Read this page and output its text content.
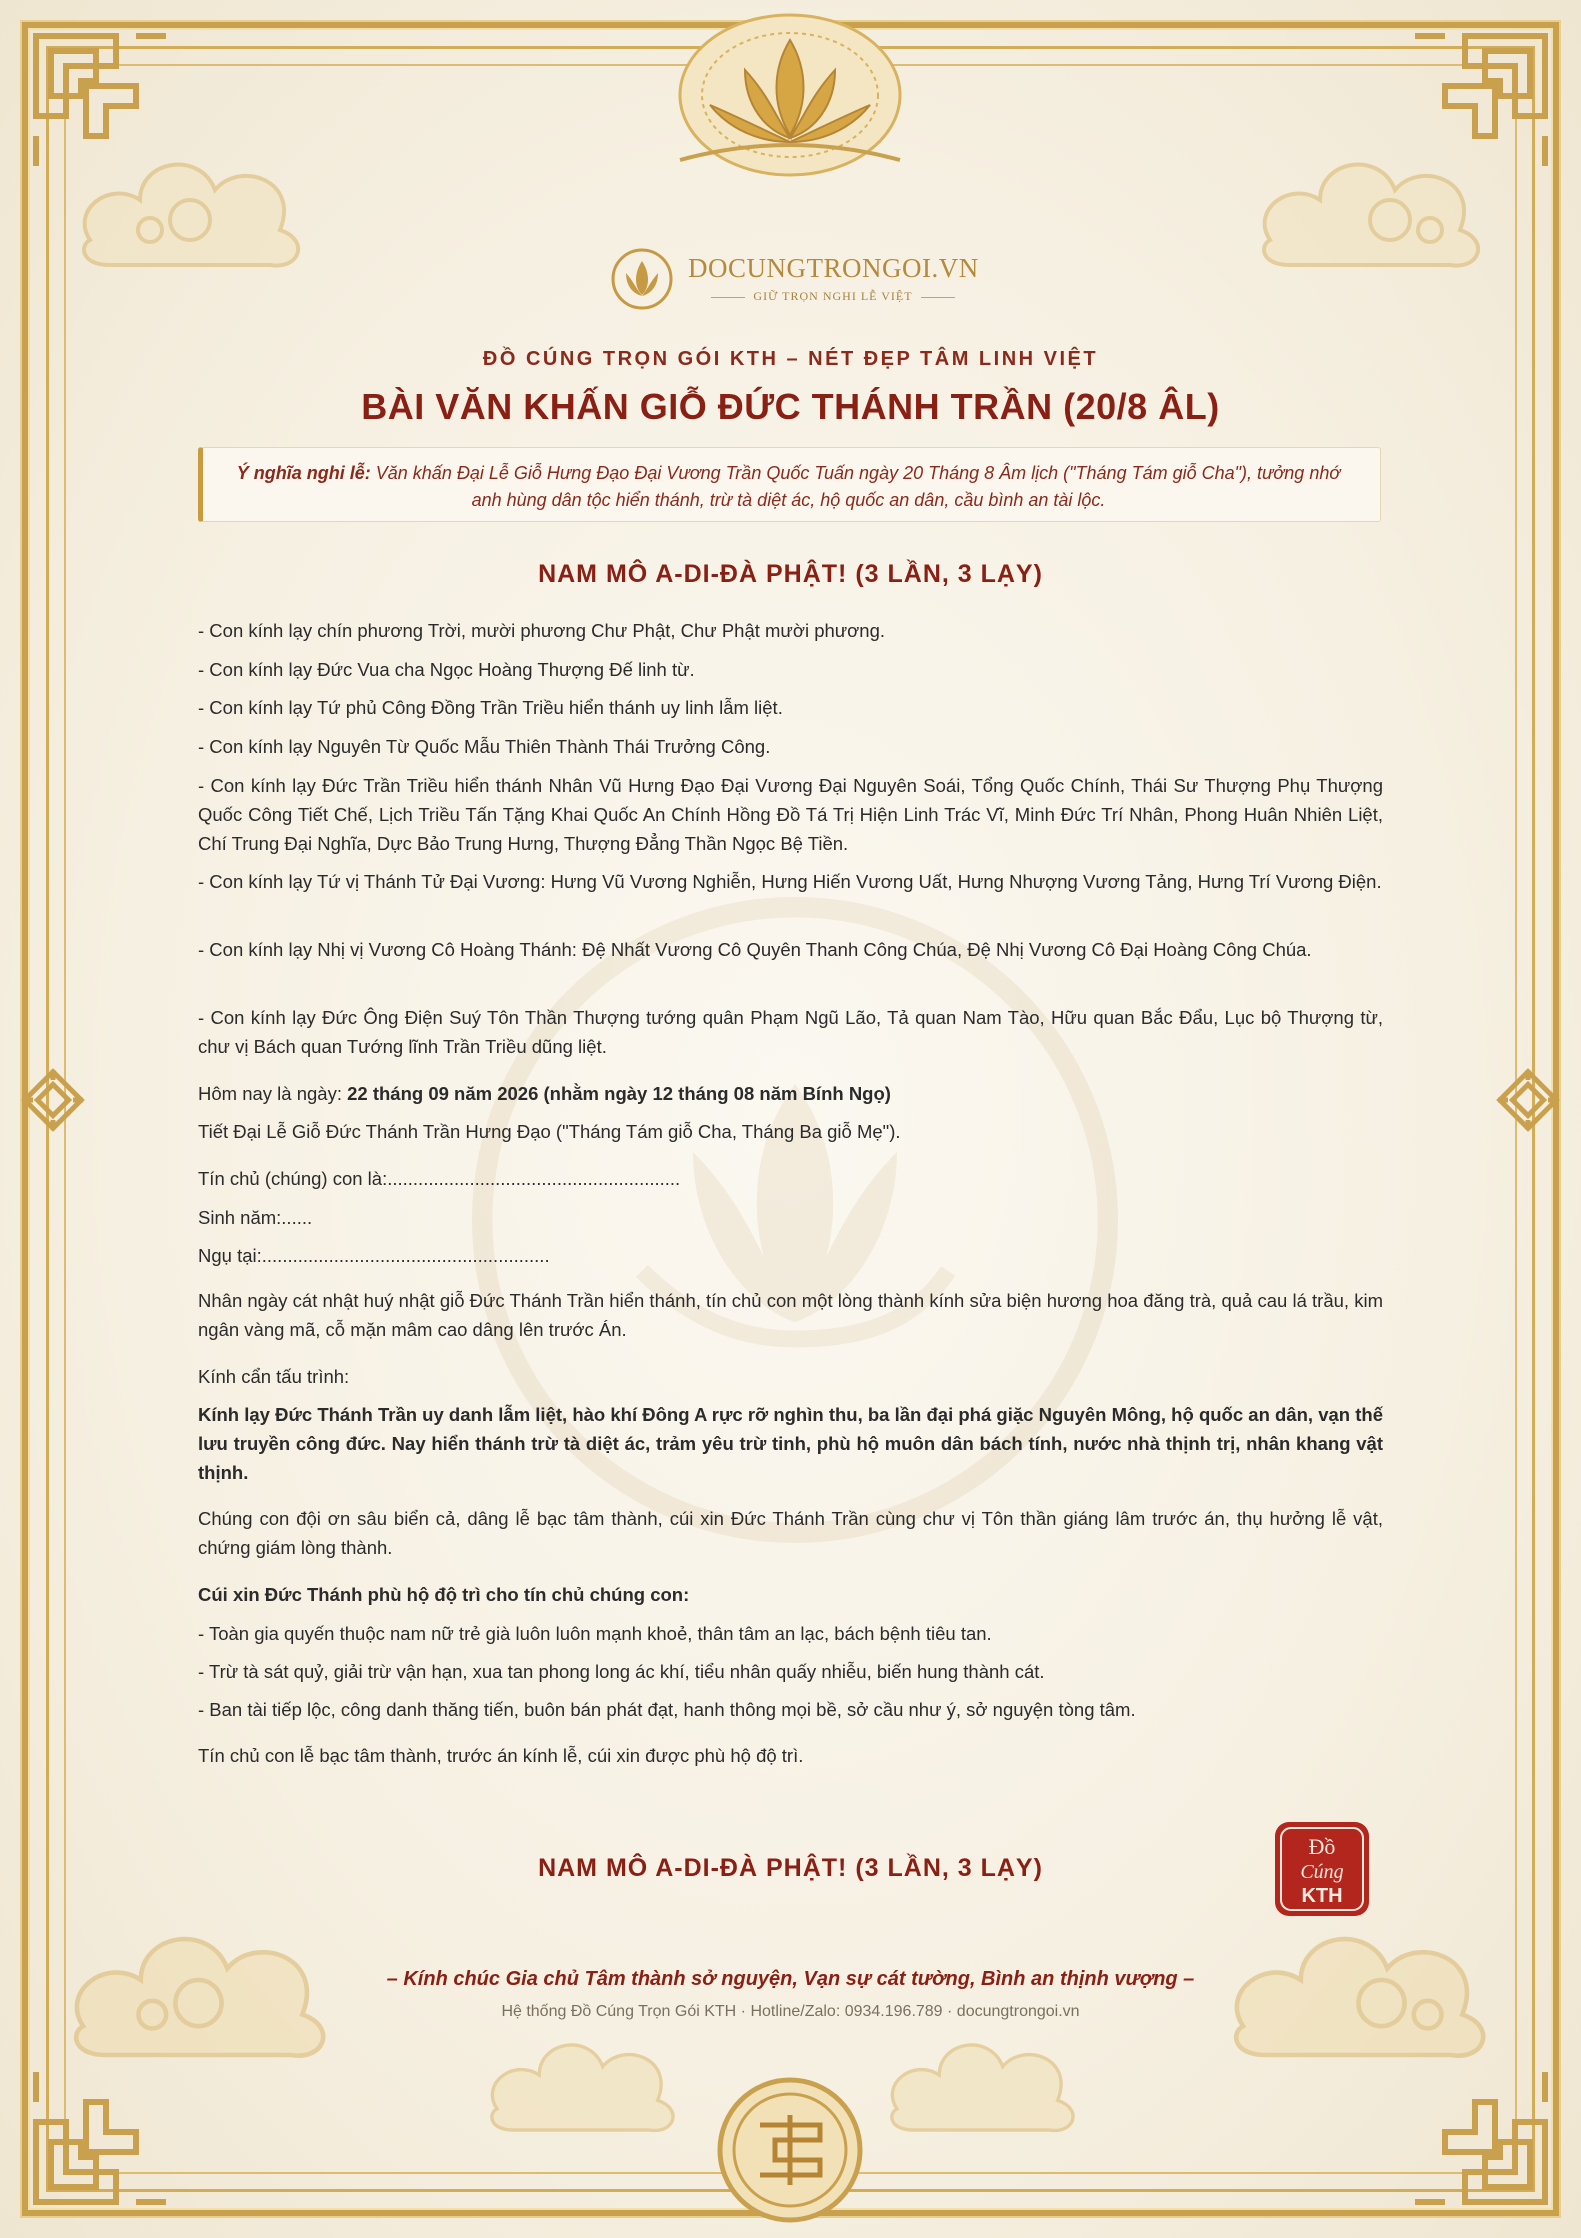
DOCUNGTRONGOI.VN
GIỮ TRỌN NGHI LỄ VIỆT
ĐỒ CÚNG TRỌN GÓI KTH – NÉT ĐẸP TÂM LINH VIỆT
BÀI VĂN KHẤN GIỖ ĐỨC THÁNH TRẦN (20/8 ÂL)
Ý nghĩa nghi lễ: Văn khấn Đại Lễ Giỗ Hưng Đạo Đại Vương Trần Quốc Tuấn ngày 20 Tháng 8 Âm lịch ("Tháng Tám giỗ Cha"), tưởng nhớ anh hùng dân tộc hiển thánh, trừ tà diệt ác, hộ quốc an dân, cầu bình an tài lộc.
NAM MÔ A-DI-ĐÀ PHẬT! (3 LẦN, 3 LẠY)
- Con kính lạy chín phương Trời, mười phương Chư Phật, Chư Phật mười phương.
- Con kính lạy Đức Vua cha Ngọc Hoàng Thượng Đế linh từ.
- Con kính lạy Tứ phủ Công Đồng Trần Triều hiển thánh uy linh lẫm liệt.
- Con kính lạy Nguyên Từ Quốc Mẫu Thiên Thành Thái Trưởng Công.
- Con kính lạy Đức Trần Triều hiển thánh Nhân Vũ Hưng Đạo Đại Vương Đại Nguyên Soái, Tổng Quốc Chính, Thái Sư Thượng Phụ Thượng Quốc Công Tiết Chế, Lịch Triều Tấn Tặng Khai Quốc An Chính Hồng Đồ Tá Trị Hiện Linh Trác Vĩ, Minh Đức Trí Nhân, Phong Huân Nhiên Liệt, Chí Trung Đại Nghĩa, Dực Bảo Trung Hưng, Thượng Đẳng Thần Ngọc Bệ Tiền.
- Con kính lạy Tứ vị Thánh Tử Đại Vương: Hưng Vũ Vương Nghiễn, Hưng Hiến Vương Uất, Hưng Nhượng Vương Tảng, Hưng Trí Vương Điện.
- Con kính lạy Nhị vị Vương Cô Hoàng Thánh: Đệ Nhất Vương Cô Quyên Thanh Công Chúa, Đệ Nhị Vương Cô Đại Hoàng Công Chúa.
- Con kính lạy Đức Ông Điện Suý Tôn Thần Thượng tướng quân Phạm Ngũ Lão, Tả quan Nam Tào, Hữu quan Bắc Đẩu, Lục bộ Thượng từ, chư vị Bách quan Tướng lĩnh Trần Triều dũng liệt.
Hôm nay là ngày: 22 tháng 09 năm 2026 (nhằm ngày 12 tháng 08 năm Bính Ngọ)
Tiết Đại Lễ Giỗ Đức Thánh Trần Hưng Đạo ("Tháng Tám giỗ Cha, Tháng Ba giỗ Mẹ").
Tín chủ (chúng) con là:.........................................................
Sinh năm:......
Ngụ tại:........................................................
Nhân ngày cát nhật huý nhật giỗ Đức Thánh Trần hiển thánh, tín chủ con một lòng thành kính sửa biện hương hoa đăng trà, quả cau lá trầu, kim ngân vàng mã, cỗ mặn mâm cao dâng lên trước Án.
Kính cẩn tấu trình:
Kính lạy Đức Thánh Trần uy danh lẫm liệt, hào khí Đông A rực rỡ nghìn thu, ba lần đại phá giặc Nguyên Mông, hộ quốc an dân, vạn thế lưu truyền công đức. Nay hiển thánh trừ tà diệt ác, trảm yêu trừ tinh, phù hộ muôn dân bách tính, nước nhà thịnh trị, nhân khang vật thịnh.
Chúng con đội ơn sâu biển cả, dâng lễ bạc tâm thành, cúi xin Đức Thánh Trần cùng chư vị Tôn thần giáng lâm trước án, thụ hưởng lễ vật, chứng giám lòng thành.
Cúi xin Đức Thánh phù hộ độ trì cho tín chủ chúng con:
- Toàn gia quyến thuộc nam nữ trẻ già luôn luôn mạnh khoẻ, thân tâm an lạc, bách bệnh tiêu tan.
- Trừ tà sát quỷ, giải trừ vận hạn, xua tan phong long ác khí, tiểu nhân quấy nhiễu, biến hung thành cát.
- Ban tài tiếp lộc, công danh thăng tiến, buôn bán phát đạt, hanh thông mọi bề, sở cầu như ý, sở nguyện tòng tâm.
Tín chủ con lễ bạc tâm thành, trước án kính lễ, cúi xin được phù hộ độ trì.
NAM MÔ A-DI-ĐÀ PHẬT! (3 LẦN, 3 LẠY)
Đồ
Cúng
KTH
– Kính chúc Gia chủ Tâm thành sở nguyện, Vạn sự cát tường, Bình an thịnh vượng –
Hệ thống Đồ Cúng Trọn Gói KTH · Hotline/Zalo: 0934.196.789 · docungtrongoi.vn
